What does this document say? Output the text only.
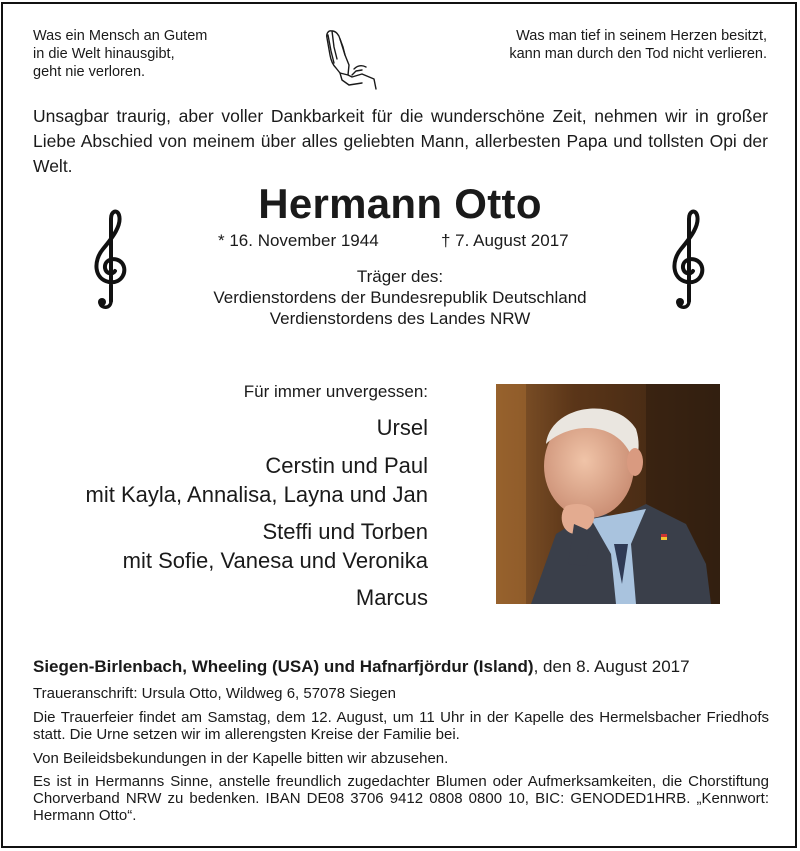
Was ein Mensch an Gutem
in die Welt hinausgibt,
geht nie verloren.
Was man tief in seinem Herzen besitzt,
kann man durch den Tod nicht verlieren.
Unsagbar traurig, aber voller Dankbarkeit für die wunderschöne Zeit, nehmen wir in großer Liebe Abschied von meinem über alles geliebten Mann, allerbesten Papa und tollsten Opi der Welt.
Hermann Otto
* 16. November 1944	† 7. August 2017
Träger des:
Verdienstordens der Bundesrepublik Deutschland
Verdienstordens des Landes NRW
Für immer unvergessen:
Ursel
Cerstin und Paul
mit Kayla, Annalisa, Layna und Jan
Steffi und Torben
mit Sofie, Vanesa und Veronika
Marcus
Siegen-Birlenbach, Wheeling (USA) und Hafnarfjördur (Island), den 8. August 2017
Traueranschrift: Ursula Otto, Wildweg 6, 57078 Siegen
Die Trauerfeier findet am Samstag, dem 12. August, um 11 Uhr in der Kapelle des Hermelsbacher Friedhofs statt. Die Urne setzen wir im allerengsten Kreise der Familie bei.
Von Beileidsbekundungen in der Kapelle bitten wir abzusehen.
Es ist in Hermanns Sinne, anstelle freundlich zugedachter Blumen oder Aufmerksamkeiten, die Chorstiftung Chorverband NRW zu bedenken. IBAN DE08 3706 9412 0808 0800 10, BIC: GENODED1HRB. „Kennwort: Hermann Otto“.
